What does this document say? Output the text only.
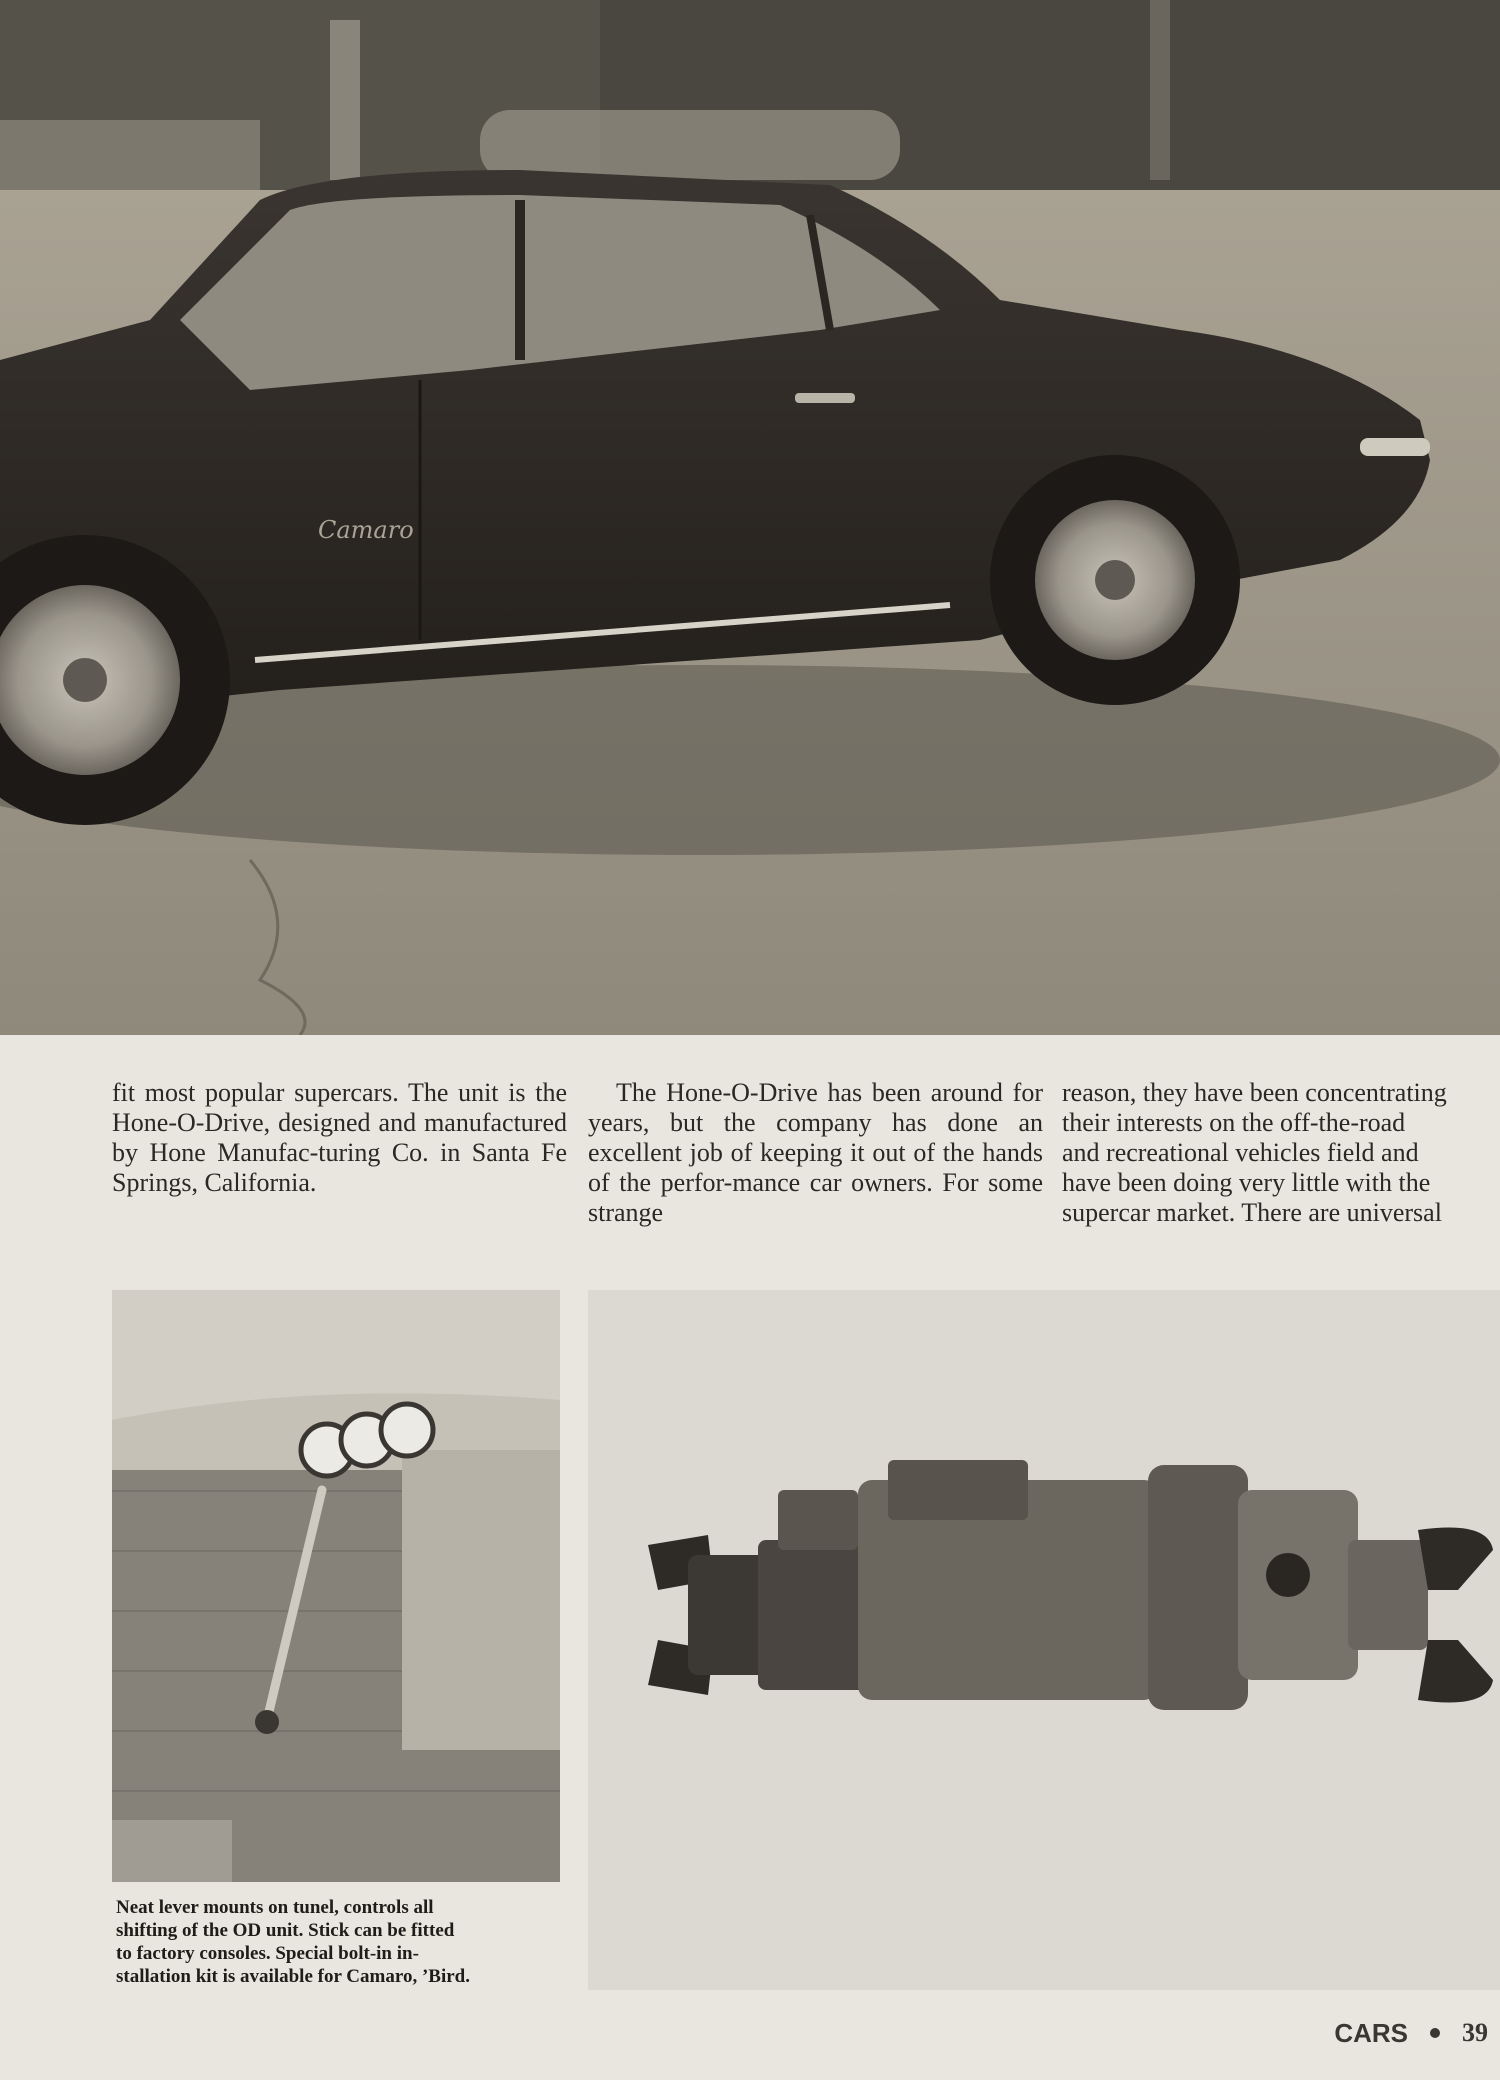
Camaro
fit most popular supercars. The unit is the Hone-O-Drive, designed and manufactured by Hone Manufac-turing Co. in Santa Fe Springs, California.
The Hone-O-Drive has been around for years, but the company has done an excellent job of keeping it out of the hands of the perfor-mance car owners. For some strange
reason, they have been concentrating
their interests on the off-the-road
and recreational vehicles field and
have been doing very little with the
supercar market. There are universal
Neat lever mounts on tunel, controls all
shifting of the OD unit. Stick can be fitted
to factory consoles. Special bolt-in in-
stallation kit is available for Camaro, ’Bird.
CARS 39
